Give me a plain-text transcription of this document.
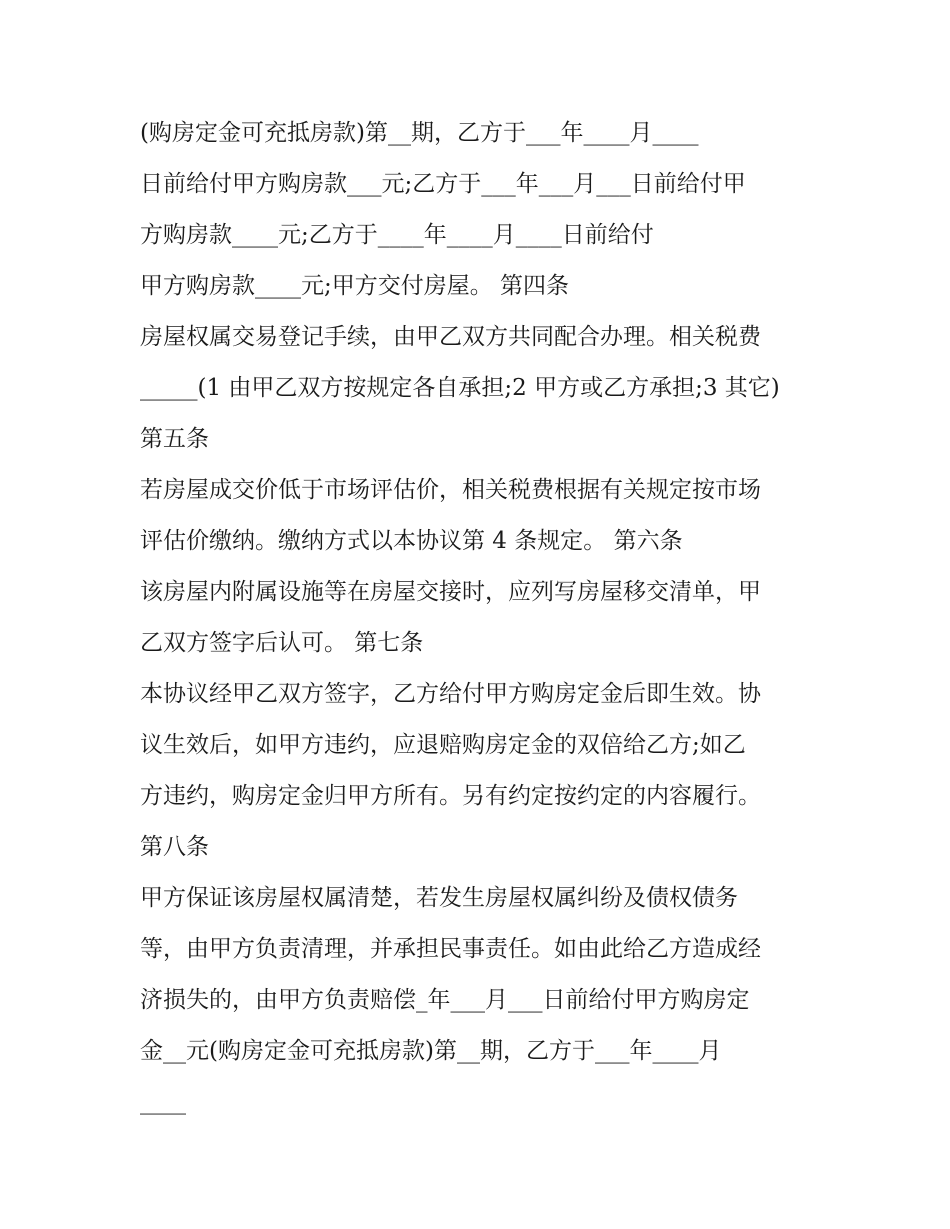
(购房定金可充抵房款)第__期，乙方于___年____月____
日前给付甲方购房款___元;乙方于___年___月___日前给付甲
方购房款____元;乙方于____年____月____日前给付
甲方购房款____元;甲方交付房屋。 第四条
房屋权属交易登记手续，由甲乙双方共同配合办理。相关税费
_____(1 由甲乙双方按规定各自承担;2 甲方或乙方承担;3 其它)
第五条
若房屋成交价低于市场评估价，相关税费根据有关规定按市场
评估价缴纳。缴纳方式以本协议第 4 条规定。 第六条
该房屋内附属设施等在房屋交接时，应列写房屋移交清单，甲
乙双方签字后认可。 第七条
本协议经甲乙双方签字，乙方给付甲方购房定金后即生效。协
议生效后，如甲方违约，应退赔购房定金的双倍给乙方;如乙
方违约，购房定金归甲方所有。另有约定按约定的内容履行。
第八条
甲方保证该房屋权属清楚，若发生房屋权属纠纷及债权债务
等，由甲方负责清理，并承担民事责任。如由此给乙方造成经
济损失的，由甲方负责赔偿_年___月___日前给付甲方购房定
金__元(购房定金可充抵房款)第__期，乙方于___年____月
____
